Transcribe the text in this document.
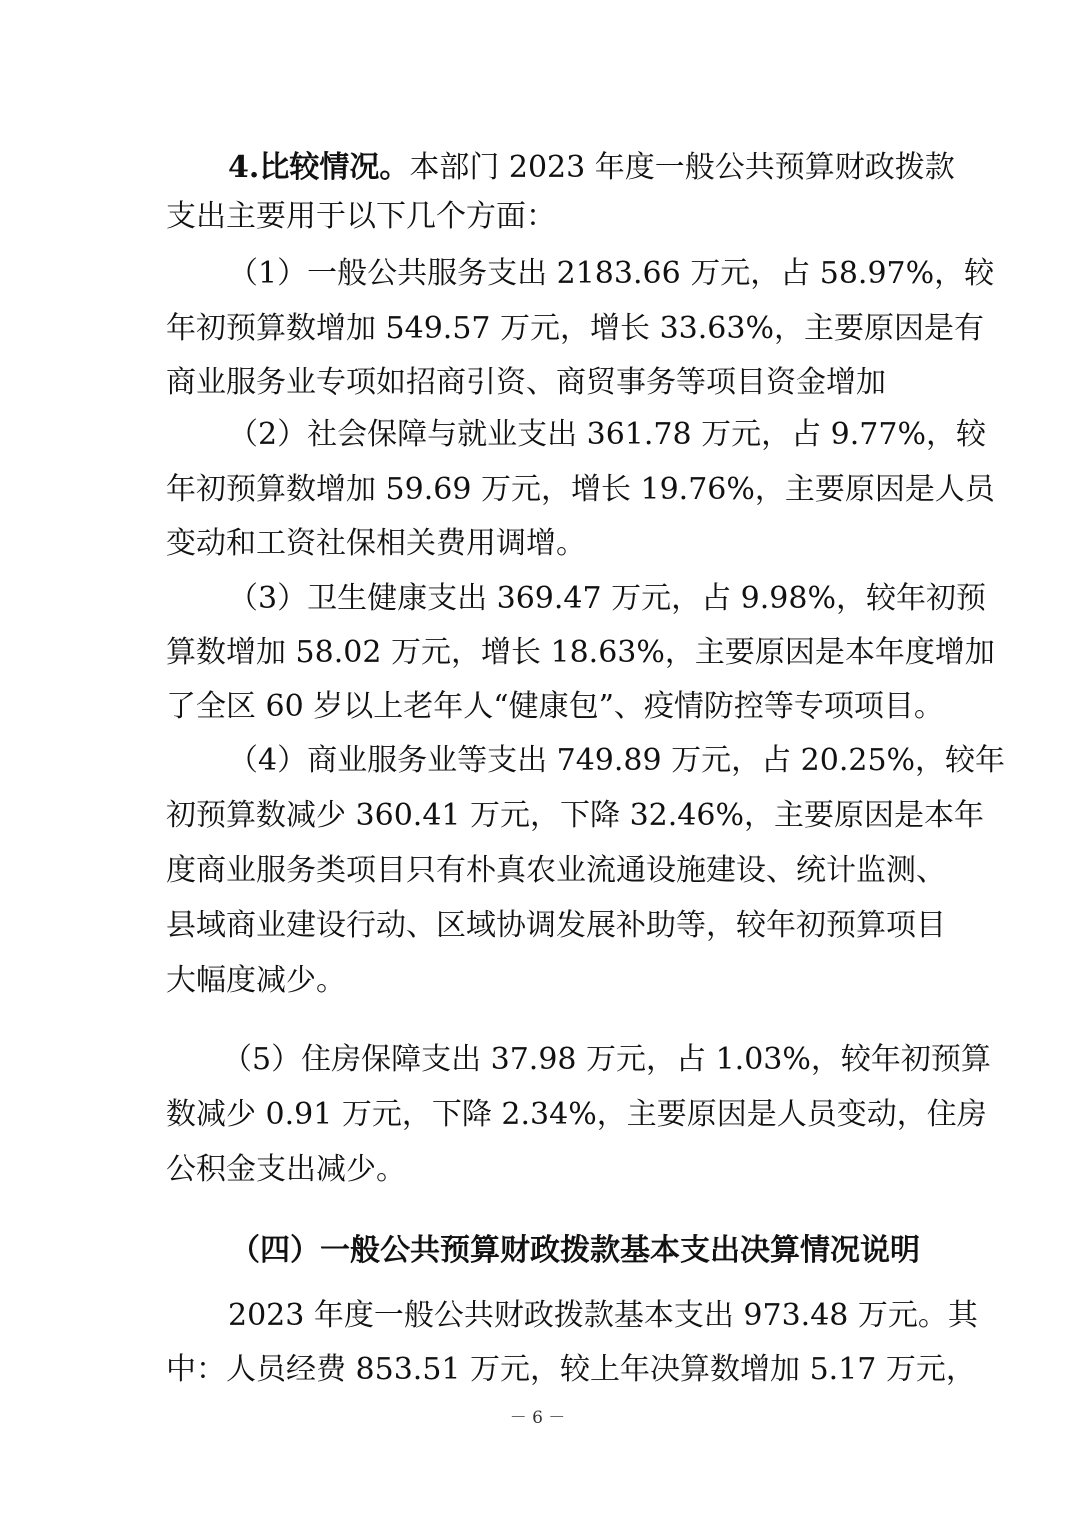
4.比较情况。本部门 2023 年度一般公共预算财政拨款
支出主要用于以下几个方面：
（1）一般公共服务支出 2183.66 万元，占 58.97%，较
年初预算数增加 549.57 万元，增长 33.63%，主要原因是有
商业服务业专项如招商引资、商贸事务等项目资金增加
（2）社会保障与就业支出 361.78 万元，占 9.77%，较
年初预算数增加 59.69 万元，增长 19.76%，主要原因是人员
变动和工资社保相关费用调增。
（3）卫生健康支出 369.47 万元，占 9.98%，较年初预
算数增加 58.02 万元，增长 18.63%，主要原因是本年度增加
了全区 60 岁以上老年人“健康包”、疫情防控等专项项目。
（4）商业服务业等支出 749.89 万元，占 20.25%，较年
初预算数减少 360.41 万元，下降 32.46%，主要原因是本年
度商业服务类项目只有朴真农业流通设施建设、统计监测、
县域商业建设行动、区域协调发展补助等，较年初预算项目
大幅度减少。
（5）住房保障支出 37.98 万元，占 1.03%，较年初预算
数减少 0.91 万元，下降 2.34%，主要原因是人员变动，住房
公积金支出减少。
（四）一般公共预算财政拨款基本支出决算情况说明
2023 年度一般公共财政拨款基本支出 973.48 万元。其
中：人员经费 853.51 万元，较上年决算数增加 5.17 万元，
－ 6 －
